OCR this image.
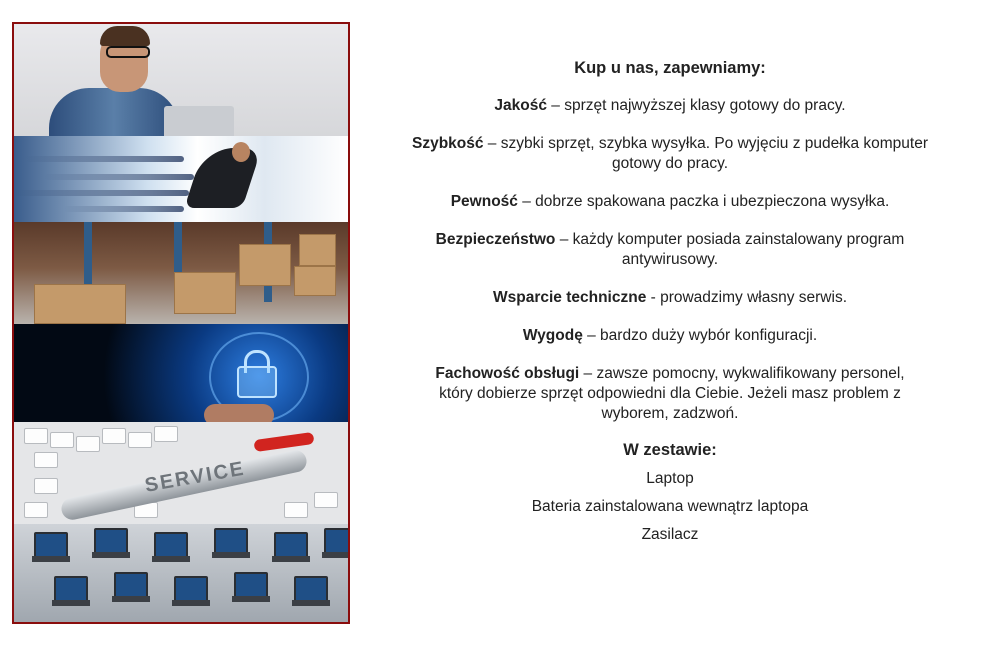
SERVICE
Kup u nas, zapewniamy:

Jakość – sprzęt najwyższej klasy gotowy do pracy.

Szybkość – szybki sprzęt, szybka wysyłka. Po wyjęciu z pudełka komputer gotowy do pracy.

Pewność – dobrze spakowana paczka i ubezpieczona wysyłka.

Bezpieczeństwo – każdy komputer posiada zainstalowany program antywirusowy.

Wsparcie techniczne - prowadzimy własny serwis.

Wygodę – bardzo duży wybór konfiguracji.

Fachowość obsługi – zawsze pomocny, wykwalifikowany personel, który dobierze sprzęt odpowiedni dla Ciebie. Jeżeli masz problem z wyborem, zadzwoń.

W zestawie:

Laptop

Bateria zainstalowana wewnątrz laptopa

Zasilacz
